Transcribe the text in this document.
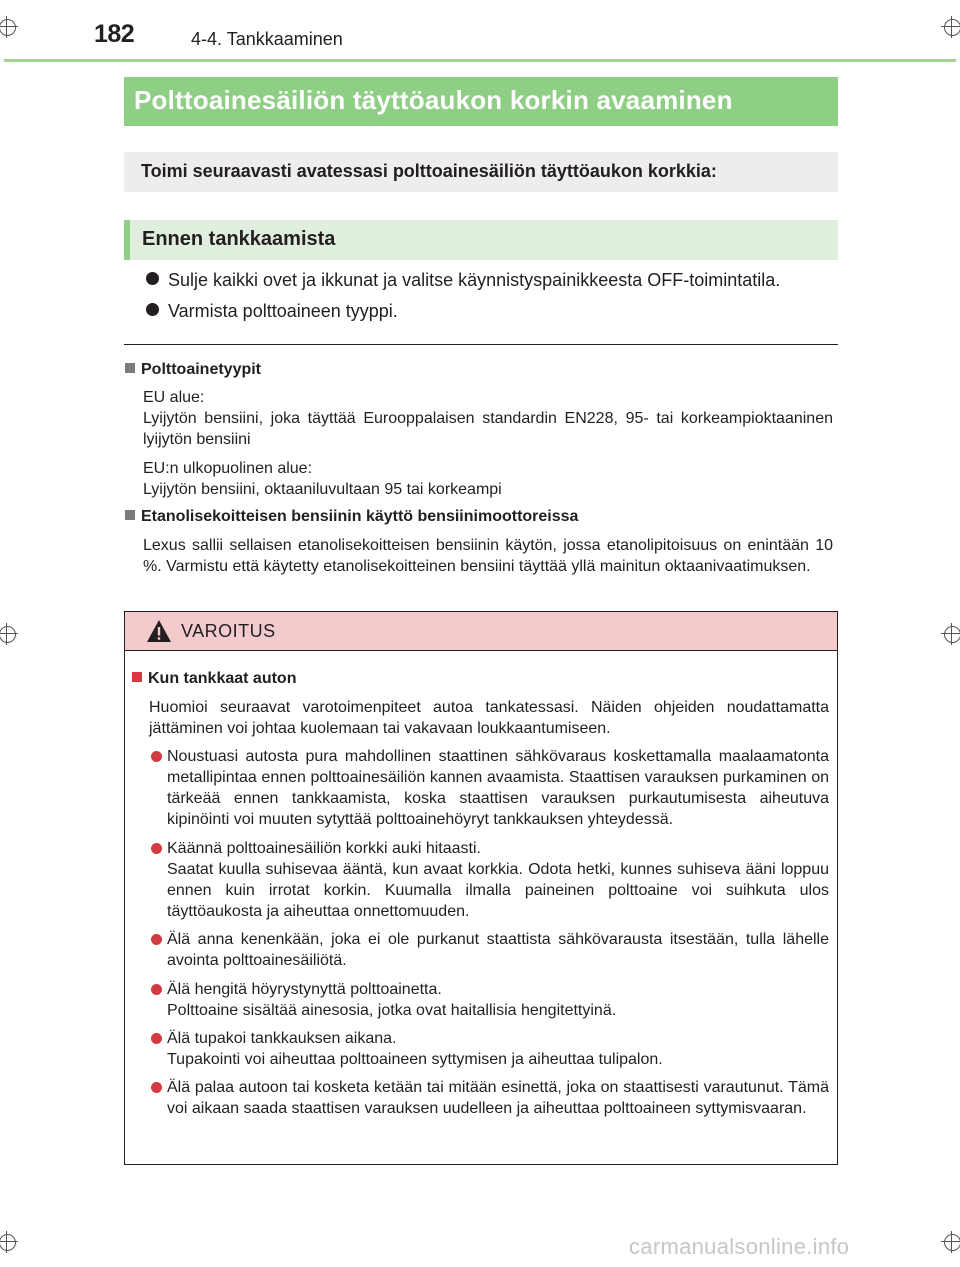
182	4-4. Tankkaaminen
Polttoainesäiliön täyttöaukon korkin avaaminen
Toimi seuraavasti avatessasi polttoainesäiliön täyttöaukon korkkia:
Ennen tankkaamista
Sulje kaikki ovet ja ikkunat ja valitse käynnistyspainikkeesta OFF-toimintatila.
Varmista polttoaineen tyyppi.
Polttoainetyypit
EU alue:
Lyijytön bensiini, joka täyttää Eurooppalaisen standardin EN228, 95- tai korkeampioktaaninen lyijytön bensiini
EU:n ulkopuolinen alue:
Lyijytön bensiini, oktaaniluvultaan 95 tai korkeampi
Etanolisekoitteisen bensiinin käyttö bensiinimoottoreissa
Lexus sallii sellaisen etanolisekoitteisen bensiinin käytön, jossa etanolipitoisuus on enintään 10 %. Varmistu että käytetty etanolisekoitteinen bensiini täyttää yllä mainitun oktaanivaatimuksen.
VAROITUS
Kun tankkaat auton
Huomioi seuraavat varotoimenpiteet autoa tankatessasi. Näiden ohjeiden noudattamatta jättäminen voi johtaa kuolemaan tai vakavaan loukkaantumiseen.
Noustuasi autosta pura mahdollinen staattinen sähkövaraus koskettamalla maalaamatonta metallipintaa ennen polttoainesäiliön kannen avaamista. Staattisen varauksen purkaminen on tärkeää ennen tankkaamista, koska staattisen varauksen purkautumisesta aiheutuva kipinöinti voi muuten sytyttää polttoainehöyryt tankkauksen yhteydessä.
Käännä polttoainesäiliön korkki auki hitaasti.
Saatat kuulla suhisevaa ääntä, kun avaat korkkia. Odota hetki, kunnes suhiseva ääni loppuu ennen kuin irrotat korkin. Kuumalla ilmalla paineinen polttoaine voi suihkuta ulos täyttöaukosta ja aiheuttaa onnettomuuden.
Älä anna kenenkään, joka ei ole purkanut staattista sähkövarausta itsestään, tulla lähelle avointa polttoainesäiliötä.
Älä hengitä höyrystynyttä polttoainetta.
Polttoaine sisältää ainesosia, jotka ovat haitallisia hengitettyinä.
Älä tupakoi tankkauksen aikana.
Tupakointi voi aiheuttaa polttoaineen syttymisen ja aiheuttaa tulipalon.
Älä palaa autoon tai kosketa ketään tai mitään esinettä, joka on staattisesti varautunut. Tämä voi aikaan saada staattisen varauksen uudelleen ja aiheuttaa polttoaineen syttymisvaaran.
carmanualsonline.info
